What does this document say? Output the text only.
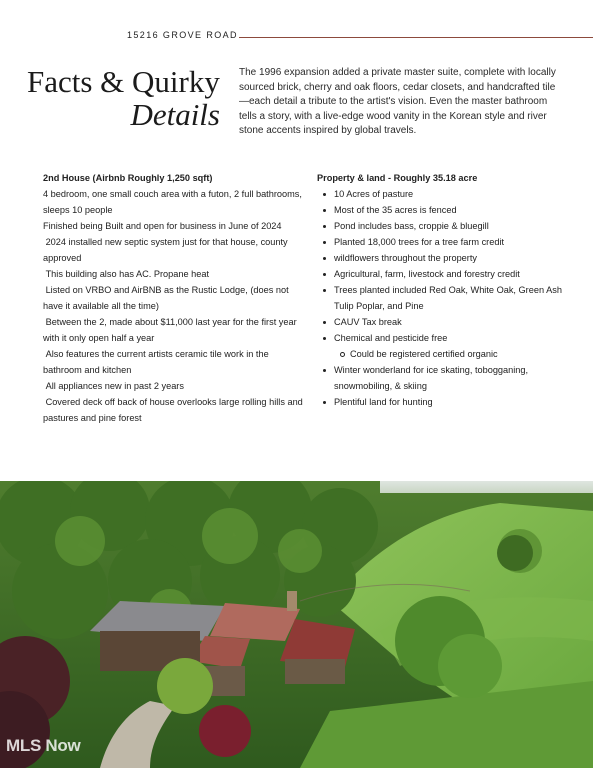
15216 GROVE ROAD
Facts & Quirky
Details
The 1996 expansion added a private master suite, complete with locally sourced brick, cherry and oak floors, cedar closets, and handcrafted tile—each detail a tribute to the artist's vision. Even the master bathroom tells a story, with a live-edge wood vanity in the Korean style and river stone accents inspired by global travels.
2nd House (Airbnb Roughly 1,250 sqft)

4 bedroom, one small couch area with a futon, 2 full bathrooms, sleeps 10 people

Finished being Built and open for business in June of 2024

2024 installed new septic system just for that house, county approved

This building also has AC. Propane heat

Listed on VRBO and AirBNB as the Rustic Lodge, (does not have it available all the time)

Between the 2, made about $11,000 last year for the first year with it only open half a year

Also features the current artists ceramic tile work in the bathroom and kitchen

All appliances new in past 2 years

Covered deck off back of house overlooks large rolling hills and pastures and pine forest

Property & land - Roughly 35.18 acre
10 Acres of pasture
Most of the 35 acres is fenced
Pond includes bass, croppie & bluegill
Planted 18,000 trees for a tree farm credit
wildflowers throughout the property
Agricultural, farm, livestock and forestry credit
Trees planted included Red Oak, White Oak, Green Ash Tulip Poplar, and Pine
CAUV Tax break
Chemical and pesticide free
Could be registered certified organic
Winter wonderland for ice skating, tobogganing, snowmobiling, & skiing
Plentiful land for hunting
MLS Now
